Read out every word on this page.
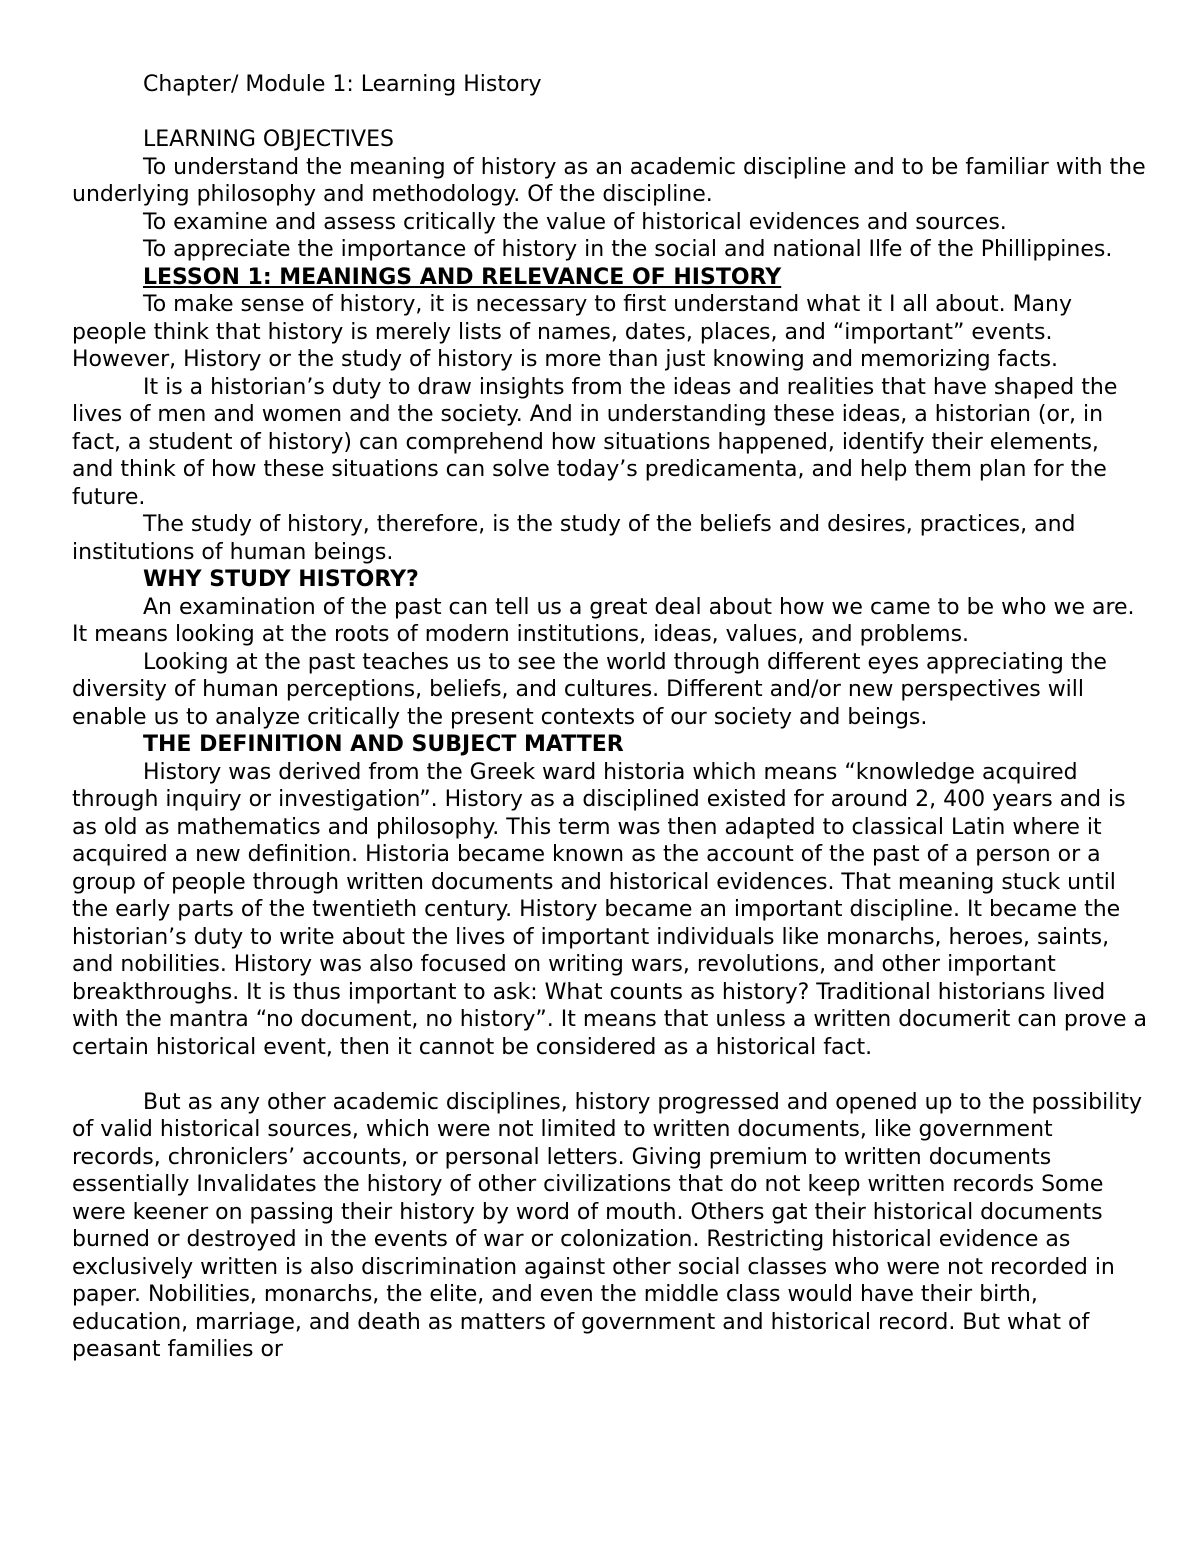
Chapter/ Module 1: Learning History

LEARNING OBJECTIVES

To understand the meaning of history as an academic discipline and to be familiar with the underlying philosophy and methodology. Of the discipline.

To examine and assess critically the value of historical evidences and sources.

To appreciate the importance of history in the social and national Ilfe of the Phillippines.

LESSON 1: MEANINGS AND RELEVANCE OF HISTORY

To make sense of history, it is necessary to first understand what it I all about. Many people think that history is merely lists of names, dates, places, and “important” events. However, History or the study of history is more than just knowing and memorizing facts.

It is a historian’s duty to draw insights from the ideas and realities that have shaped the lives of men and women and the society. And in understanding these ideas, a historian (or, in fact, a student of history) can comprehend how situations happened, identify their elements, and think of how these situations can solve today’s predicamenta, and help them plan for the future.

The study of history, therefore, is the study of the beliefs and desires, practices, and institutions of human beings.

WHY STUDY HISTORY?

An examination of the past can tell us a great deal about how we came to be who we are. It means looking at the roots of modern institutions, ideas, values, and problems.

Looking at the past teaches us to see the world through different eyes appreciating the diversity of human perceptions, beliefs, and cultures. Different and/or new perspectives will enable us to analyze critically the present contexts of our society and beings.

THE DEFINITION AND SUBJECT MATTER

History was derived from the Greek ward historia which means “knowledge acquired through inquiry or investigation”. History as a disciplined existed for around 2, 400 years and is as old as mathematics and philosophy. This term was then adapted to classical Latin where it acquired a new definition. Historia became known as the account of the past of a person or a group of people through written documents and historical evidences. That meaning stuck until the early parts of the twentieth century. History became an important discipline. It became the historian’s duty to write about the lives of important individuals like monarchs, heroes, saints, and nobilities. History was also focused on writing wars, revolutions, and other important breakthroughs. It is thus important to ask: What counts as history? Traditional historians lived with the mantra “no document, no history”. It means that unless a written documerit can prove a certain historical event, then it cannot be considered as a historical fact.

But as any other academic disciplines, history progressed and opened up to the possibility of valid historical sources, which were not limited to written documents, like government records, chroniclers’ accounts, or personal letters. Giving premium to written documents essentially Invalidates the history of other civilizations that do not keep written records Some were keener on passing their history by word of mouth. Others gat their historical documents burned or destroyed in the events of war or colonization. Restricting historical evidence as exclusively written is also discrimination against other social classes who were not recorded in paper. Nobilities, monarchs, the elite, and even the middle class would have their birth, education, marriage, and death as matters of government and historical record. But what of peasant families or
